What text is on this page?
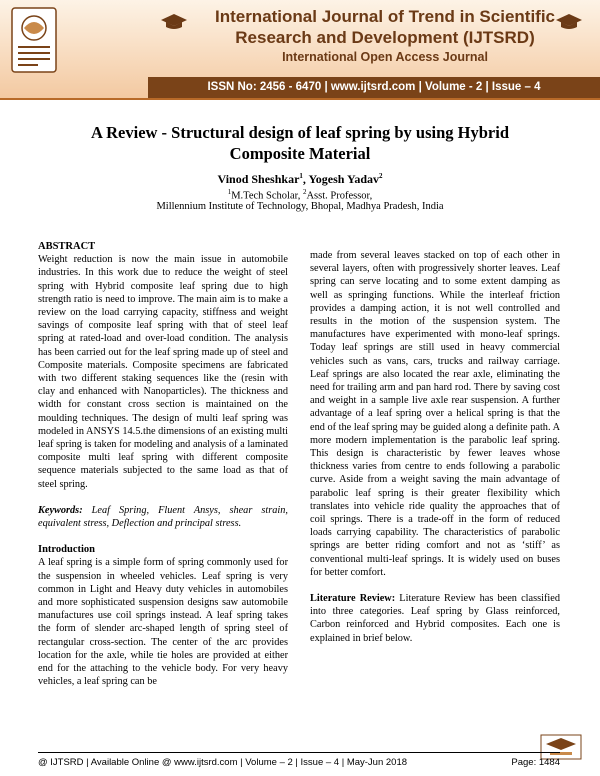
International Journal of Trend in Scientific
Research and Development (IJTSRD)
International Open Access Journal
ISSN No: 2456 - 6470 | www.ijtsrd.com | Volume - 2 | Issue – 4
A Review - Structural design of leaf spring by using Hybrid
Composite Material
Vinod Sheshkar$^1$, Yogesh Yadav$^2$
$^1$M.Tech Scholar, $^2$Asst. Professor,
Millennium Institute of Technology, Bhopal, Madhya Pradesh, India

ABSTRACT

Weight reduction is now the main issue in automobile industries. In this work due to reduce the weight of steel spring with Hybrid composite leaf spring due to high strength ratio is need to improve. The main aim is to make a review on the load carrying capacity, stiffness and weight savings of composite leaf spring with that of steel leaf spring at rated-load and over-load condition. The analysis has been carried out for the leaf spring made up of steel and Composite materials. Composite specimens are fabricated with two different staking sequences like the (resin with clay and enhanced with Nanoparticles). The thickness and width for constant cross section is maintained on the moulding techniques. The design of multi leaf spring was modeled in ANSYS 14.5.the dimensions of an existing multi leaf spring is taken for modeling and analysis of a laminated composite multi leaf spring with different composite sequence materials subjected to the same load as that of steel spring.

Keywords: Leaf Spring, Fluent Ansys, shear strain, equivalent stress, Deflection and principal stress.

Introduction

A leaf spring is a simple form of spring commonly used for the suspension in wheeled vehicles. Leaf spring is very common in Light and Heavy duty vehicles in automobiles and more sophisticated suspension designs saw automobile manufactures use coil springs instead. A leaf spring takes the form of slender arc-shaped length of spring steel of rectangular cross-section. The center of the arc provides location for the axle, while tie holes are provided at either end for the attaching to the vehicle body. For very heavy vehicles, a leaf spring can be

made from several leaves stacked on top of each other in several layers, often with progressively shorter leaves. Leaf spring can serve locating and to some extent damping as well as springing functions. While the interleaf friction provides a damping action, it is not well controlled and results in the motion of the suspension system. The manufactures have experimented with mono-leaf springs. Today leaf springs are still used in heavy commercial vehicles such as vans, cars, trucks and railway carriage. Leaf springs are also located the rear axle, eliminating the need for trailing arm and pan hard rod. There by saving cost and weight in a sample live axle rear suspension. A further advantage of a leaf spring over a helical spring is that the end of the leaf spring may be guided along a definite path. A more modern implementation is the parabolic leaf spring. This design is characteristic by fewer leaves whose thickness varies from centre to ends following a parabolic curve. Aside from a weight saving the main advantage of parabolic leaf spring is their greater flexibility which translates into vehicle ride quality the approaches that of coil springs. There is a trade-off in the form of reduced loads carrying capability. The characteristics of parabolic springs are better riding comfort and not as ‘stiff’ as conventional multi-leaf springs. It is widely used on buses for better comfort.

Literature Review: Literature Review has been classified into three categories. Leaf spring by Glass reinforced, Carbon reinforced and Hybrid composites. Each one is explained in brief below.

@ IJTSRD | Available Online @ www.ijtsrd.com | Volume – 2 | Issue – 4 | May-Jun 2018	Page: 1484
